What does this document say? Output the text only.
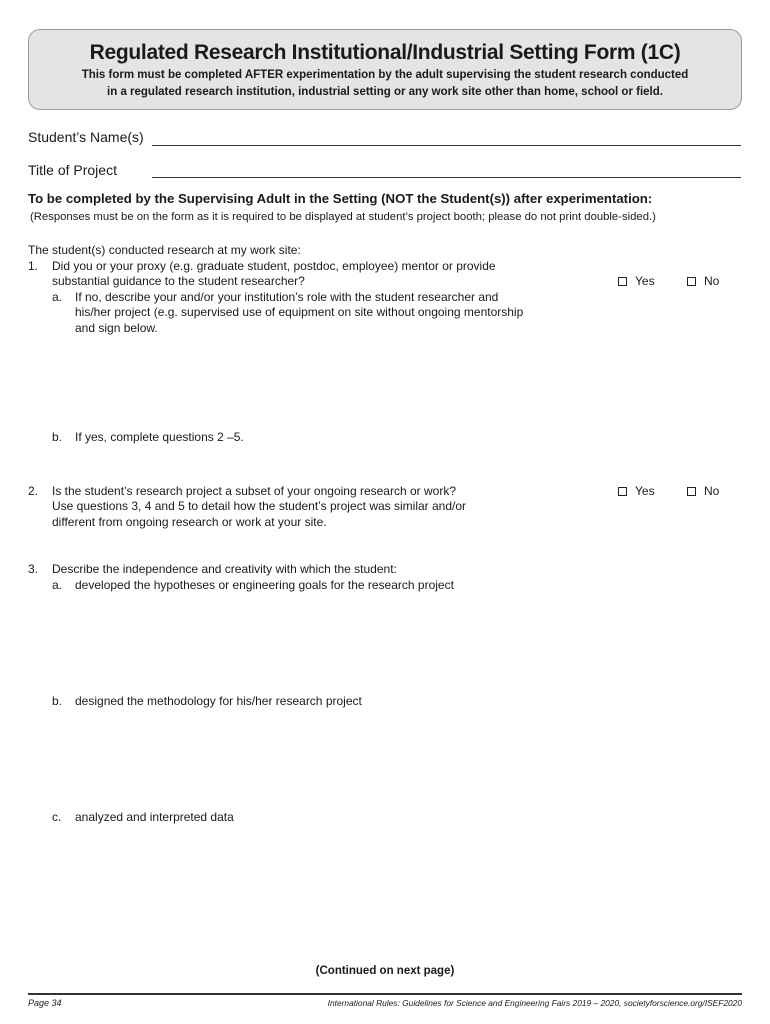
Regulated Research Institutional/Industrial Setting Form (1C)
This form must be completed AFTER experimentation by the adult supervising the student research conducted
in a regulated research institution, industrial setting or any work site other than home, school or field.
Student’s Name(s)
Title of Project
To be completed by the Supervising Adult in the Setting (NOT the Student(s)) after experimentation:
(Responses must be on the form as it is required to be displayed at student’s project booth; please do not print double-sided.)
The student(s) conducted research at my work site:
1. Did you or your proxy (e.g. graduate student, postdoc, employee) mentor or provide
substantial guidance to the student researcher?	Yes	No
a. If no, describe your and/or your institution’s role with the student researcher and
his/her project (e.g. supervised use of equipment on site without ongoing mentorship
and sign below.
b. If yes, complete questions 2 –5.
2. Is the student’s research project a subset of your ongoing research or work?
Use questions 3, 4 and 5 to detail how the student’s project was similar and/or
different from ongoing research or work at your site.
Yes	No
3. Describe the independence and creativity with which the student:
a. developed the hypotheses or engineering goals for the research project
b. designed the methodology for his/her research project
c. analyzed and interpreted data
(Continued on next page)
Page 34	International Rules: Guidelines for Science and Engineering Fairs 2019 – 2020, societyforscience.org/ISEF2020
